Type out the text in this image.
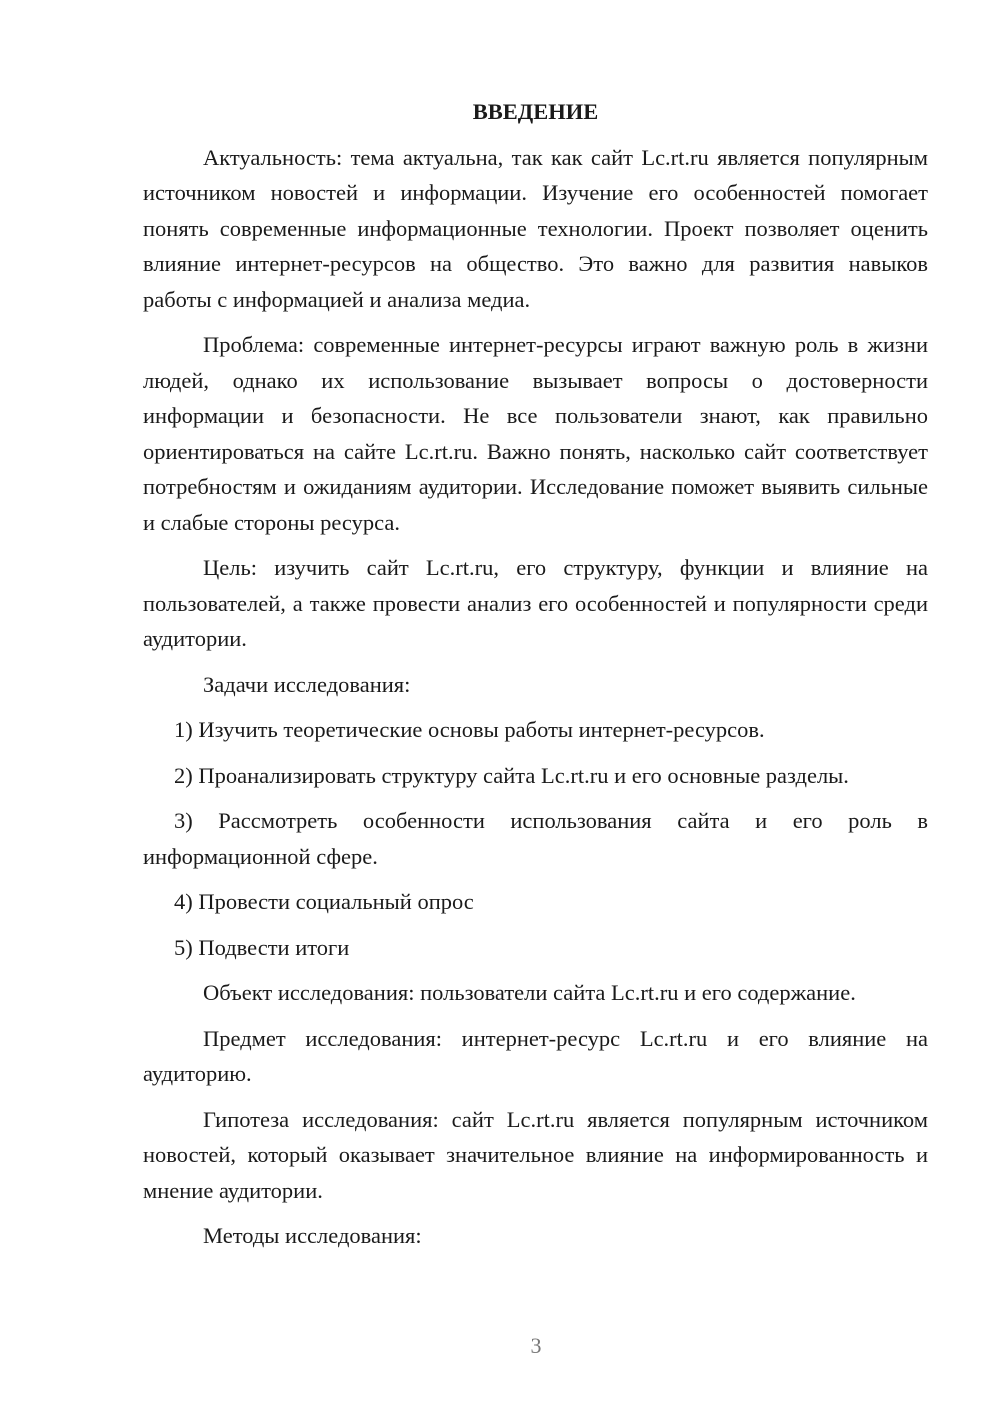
ВВЕДЕНИЕ

Актуальность: тема актуальна, так как сайт Lc.rt.ru является популярным источником новостей и информации. Изучение его особенностей помогает понять современные информационные технологии. Проект позволяет оценить влияние интернет-ресурсов на общество. Это важно для развития навыков работы с информацией и анализа медиа.

Проблема: современные интернет-ресурсы играют важную роль в жизни людей, однако их использование вызывает вопросы о достоверности информации и безопасности. Не все пользователи знают, как правильно ориентироваться на сайте Lc.rt.ru. Важно понять, насколько сайт соответствует потребностям и ожиданиям аудитории. Исследование поможет выявить сильные и слабые стороны ресурса.

Цель: изучить сайт Lc.rt.ru, его структуру, функции и влияние на пользователей, а также провести анализ его особенностей и популярности среди аудитории.

Задачи исследования:

1) Изучить теоретические основы работы интернет-ресурсов.

2) Проанализировать структуру сайта Lc.rt.ru и его основные разделы.

3) Рассмотреть особенности использования сайта и его роль в информационной сфере.

4) Провести социальный опрос

5) Подвести итоги

Объект исследования: пользователи сайта Lc.rt.ru и его содержание.

Предмет исследования: интернет-ресурс Lc.rt.ru и его влияние на аудиторию.

Гипотеза исследования: сайт Lc.rt.ru является популярным источником новостей, который оказывает значительное влияние на информированность и мнение аудитории.

Методы исследования:

3
